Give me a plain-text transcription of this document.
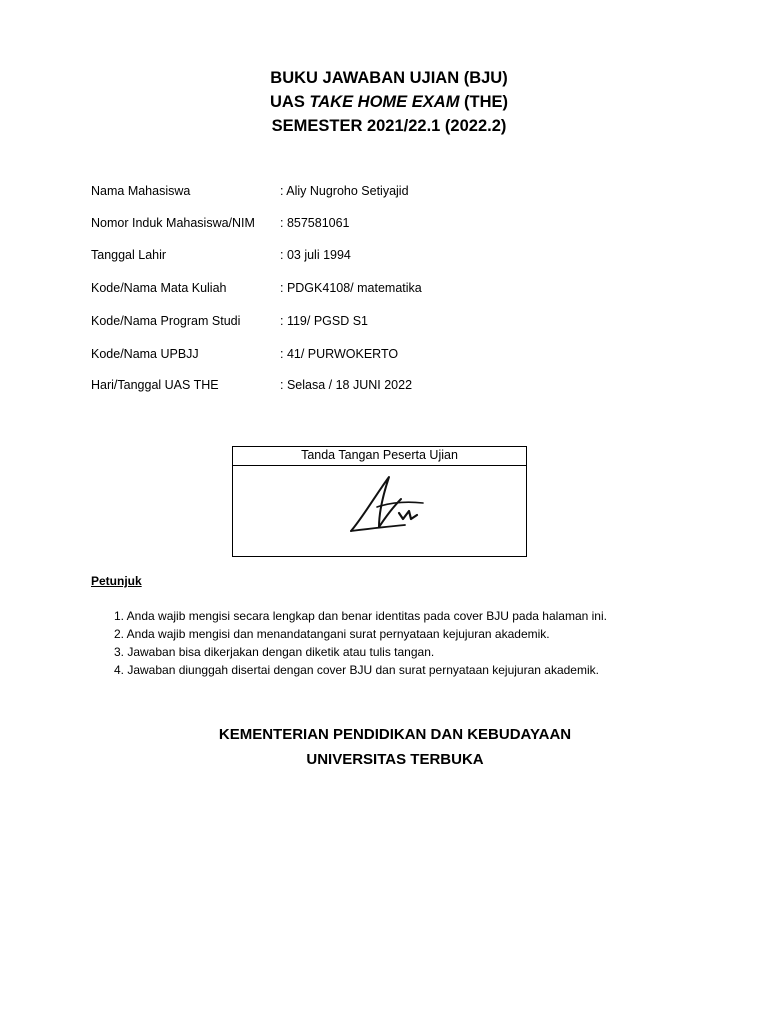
BUKU JAWABAN UJIAN (BJU)
UAS TAKE HOME EXAM (THE)
SEMESTER 2021/22.1 (2022.2)
Nama Mahasiswa	: Aliy Nugroho Setiyajid
Nomor Induk Mahasiswa/NIM : 857581061
Tanggal Lahir	: 03 juli 1994
Kode/Nama Mata Kuliah	: PDGK4108/ matematika
Kode/Nama Program Studi	: 119/ PGSD S1
Kode/Nama UPBJJ	: 41/ PURWOKERTO
Hari/Tanggal UAS THE	: Selasa / 18 JUNI 2022
Tanda Tangan Peserta Ujian
Petunjuk
1. Anda wajib mengisi secara lengkap dan benar identitas pada cover BJU pada halaman ini.
2. Anda wajib mengisi dan menandatangani surat pernyataan kejujuran akademik.
3. Jawaban bisa dikerjakan dengan diketik atau tulis tangan.
4. Jawaban diunggah disertai dengan cover BJU dan surat pernyataan kejujuran akademik.
KEMENTERIAN PENDIDIKAN DAN KEBUDAYAAN
UNIVERSITAS TERBUKA
